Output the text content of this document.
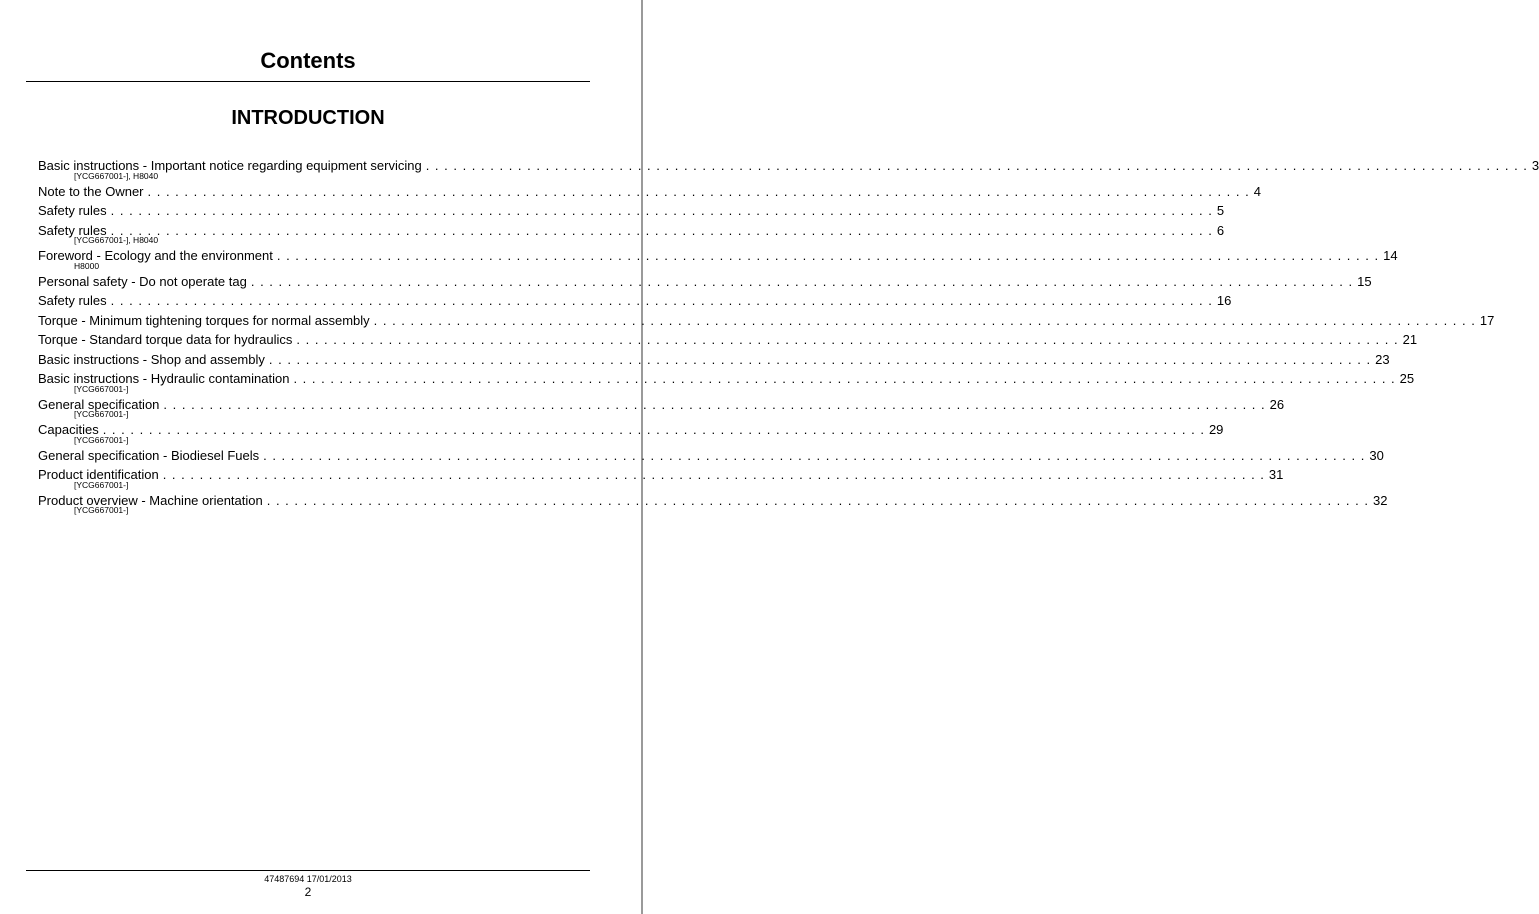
Contents
INTRODUCTION
Basic instructions - Important notice regarding equipment servicing . . . . . . . . . . . . . . . . . . . . . . . . . . . . . . . . . . . . . . . . . . . . . . . . . . . . . . . . . . . . . . . . . . . . . . . . . . . . . . . . . . . . . . . . . . . . . . . . . . . . . . . . . . . . . . . . . . . . . . . . 3
[YCG667001-], H8040
Note to the Owner . . . . . . . . . . . . . . . . . . . . . . . . . . . . . . . . . . . . . . . . . . . . . . . . . . . . . . . . . . . . . . . . . . . . . . . . . . . . . . . . . . . . . . . . . . . . . . . . . . . . . . . . . . . . . . . . . . . . . . . . 4
Safety rules . . . . . . . . . . . . . . . . . . . . . . . . . . . . . . . . . . . . . . . . . . . . . . . . . . . . . . . . . . . . . . . . . . . . . . . . . . . . . . . . . . . . . . . . . . . . . . . . . . . . . . . . . . . . . . . . . . . . . . . . 5
Safety rules . . . . . . . . . . . . . . . . . . . . . . . . . . . . . . . . . . . . . . . . . . . . . . . . . . . . . . . . . . . . . . . . . . . . . . . . . . . . . . . . . . . . . . . . . . . . . . . . . . . . . . . . . . . . . . . . . . . . . . . . 6
[YCG667001-], H8040
Foreword - Ecology and the environment . . . . . . . . . . . . . . . . . . . . . . . . . . . . . . . . . . . . . . . . . . . . . . . . . . . . . . . . . . . . . . . . . . . . . . . . . . . . . . . . . . . . . . . . . . . . . . . . . . . . . . . . . . . . . . . . . . . . . . . . 14
H8000
Personal safety - Do not operate tag . . . . . . . . . . . . . . . . . . . . . . . . . . . . . . . . . . . . . . . . . . . . . . . . . . . . . . . . . . . . . . . . . . . . . . . . . . . . . . . . . . . . . . . . . . . . . . . . . . . . . . . . . . . . . . . . . . . . . . . . 15
Safety rules . . . . . . . . . . . . . . . . . . . . . . . . . . . . . . . . . . . . . . . . . . . . . . . . . . . . . . . . . . . . . . . . . . . . . . . . . . . . . . . . . . . . . . . . . . . . . . . . . . . . . . . . . . . . . . . . . . . . . . . . 16
Torque - Minimum tightening torques for normal assembly . . . . . . . . . . . . . . . . . . . . . . . . . . . . . . . . . . . . . . . . . . . . . . . . . . . . . . . . . . . . . . . . . . . . . . . . . . . . . . . . . . . . . . . . . . . . . . . . . . . . . . . . . . . . . . . . . . . . . . . . 17
Torque - Standard torque data for hydraulics . . . . . . . . . . . . . . . . . . . . . . . . . . . . . . . . . . . . . . . . . . . . . . . . . . . . . . . . . . . . . . . . . . . . . . . . . . . . . . . . . . . . . . . . . . . . . . . . . . . . . . . . . . . . . . . . . . . . . . . . 21
Basic instructions - Shop and assembly . . . . . . . . . . . . . . . . . . . . . . . . . . . . . . . . . . . . . . . . . . . . . . . . . . . . . . . . . . . . . . . . . . . . . . . . . . . . . . . . . . . . . . . . . . . . . . . . . . . . . . . . . . . . . . . . . . . . . . . . 23
Basic instructions - Hydraulic contamination . . . . . . . . . . . . . . . . . . . . . . . . . . . . . . . . . . . . . . . . . . . . . . . . . . . . . . . . . . . . . . . . . . . . . . . . . . . . . . . . . . . . . . . . . . . . . . . . . . . . . . . . . . . . . . . . . . . . . . . . 25
[YCG667001-]
General specification . . . . . . . . . . . . . . . . . . . . . . . . . . . . . . . . . . . . . . . . . . . . . . . . . . . . . . . . . . . . . . . . . . . . . . . . . . . . . . . . . . . . . . . . . . . . . . . . . . . . . . . . . . . . . . . . . . . . . . . . 26
[YCG667001-]
Capacities . . . . . . . . . . . . . . . . . . . . . . . . . . . . . . . . . . . . . . . . . . . . . . . . . . . . . . . . . . . . . . . . . . . . . . . . . . . . . . . . . . . . . . . . . . . . . . . . . . . . . . . . . . . . . . . . . . . . . . . . 29
[YCG667001-]
General specification - Biodiesel Fuels . . . . . . . . . . . . . . . . . . . . . . . . . . . . . . . . . . . . . . . . . . . . . . . . . . . . . . . . . . . . . . . . . . . . . . . . . . . . . . . . . . . . . . . . . . . . . . . . . . . . . . . . . . . . . . . . . . . . . . . . 30
Product identification . . . . . . . . . . . . . . . . . . . . . . . . . . . . . . . . . . . . . . . . . . . . . . . . . . . . . . . . . . . . . . . . . . . . . . . . . . . . . . . . . . . . . . . . . . . . . . . . . . . . . . . . . . . . . . . . . . . . . . . . 31
[YCG667001-]
Product overview - Machine orientation . . . . . . . . . . . . . . . . . . . . . . . . . . . . . . . . . . . . . . . . . . . . . . . . . . . . . . . . . . . . . . . . . . . . . . . . . . . . . . . . . . . . . . . . . . . . . . . . . . . . . . . . . . . . . . . . . . . . . . . . 32
[YCG667001-]
47487694 17/01/2013
2
